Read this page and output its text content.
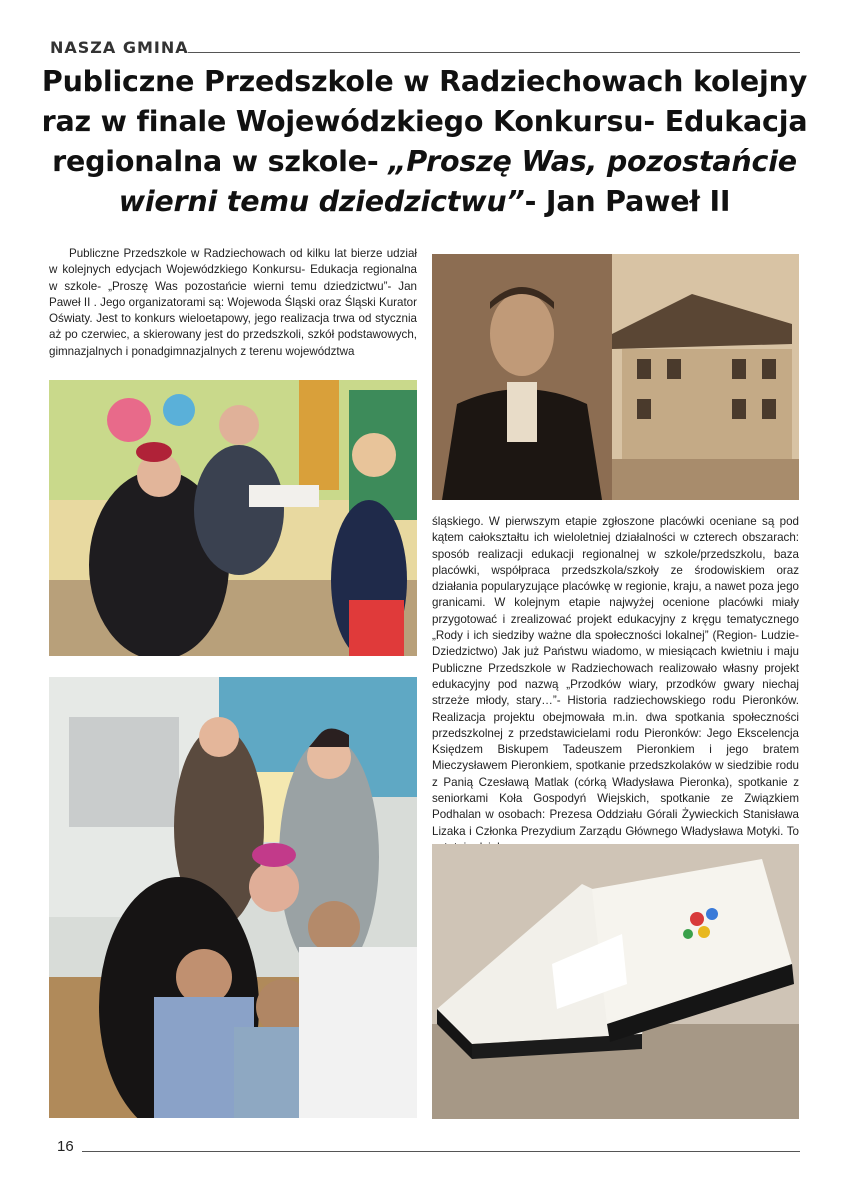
NASZA GMINA
Publiczne Przedszkole w Radziechowach kolejny raz w finale Wojewódzkiego Konkursu- Edukacja regionalna w szkole- „Proszę Was, pozostańcie wierni temu dziedzictwu”- Jan Paweł II

Publiczne Przedszkole w Radziechowach od kilku lat bierze udział w kolejnych edycjach Wojewódzkiego Konkursu- Edukacja regionalna w szkole- „Proszę Was pozostańcie wierni temu dziedzictwu”- Jan Paweł II . Jego organizatorami są: Wojewoda Śląski oraz Śląski Kurator Oświaty. Jest to konkurs wieloetapowy, jego realizacja trwa od stycznia aż po czerwiec, a skierowany jest do przedszkoli, szkół podstawowych, gimnazjalnych i ponadgimnazjalnych z terenu województwa

śląskiego. W pierwszym etapie zgłoszone placówki oceniane są pod kątem całokształtu ich wieloletniej działalności w czterech obszarach: sposób realizacji edukacji regionalnej w szkole/przedszkolu, baza placówki, współpraca przedszkola/szkoły ze środowiskiem oraz działania popularyzujące placówkę w regionie, kraju, a nawet poza jego granicami. W kolejnym etapie najwyżej ocenione placówki miały przygotować i zrealizować projekt edukacyjny z kręgu tematycznego „Rody i ich siedziby ważne dla społeczności lokalnej” (Region- Ludzie- Dziedzictwo) Jak już Państwu wiadomo, w miesiącach kwietniu i maju Publiczne Przedszkole w Radziechowach realizowało własny projekt edukacyjny pod nazwą „Przodków wiary, przodków gwary niechaj strzeże młody, stary…”- Historia radziechowskiego rodu Pieronków. Realizacja projektu obejmowała m.in. dwa spotkania społeczności przedszkolnej z przedstawicielami rodu Pieronków: Jego Ekscelencja Księdzem Biskupem Tadeuszem Pieronkiem i jego bratem Mieczysławem Pieronkiem, spotkanie przedszkolaków w siedzibie rodu z Panią Czesławą Matlak (córką Władysława Pieronka), spotkanie z seniorkami Koła Gospodyń Wiejskich, spotkanie ze Związkiem Podhalan w osobach: Prezesa Oddziału Górali Żywieckich Stanisława Lizaka i Członka Prezydium Zarządu Głównego Władysława Motyki. To

16
